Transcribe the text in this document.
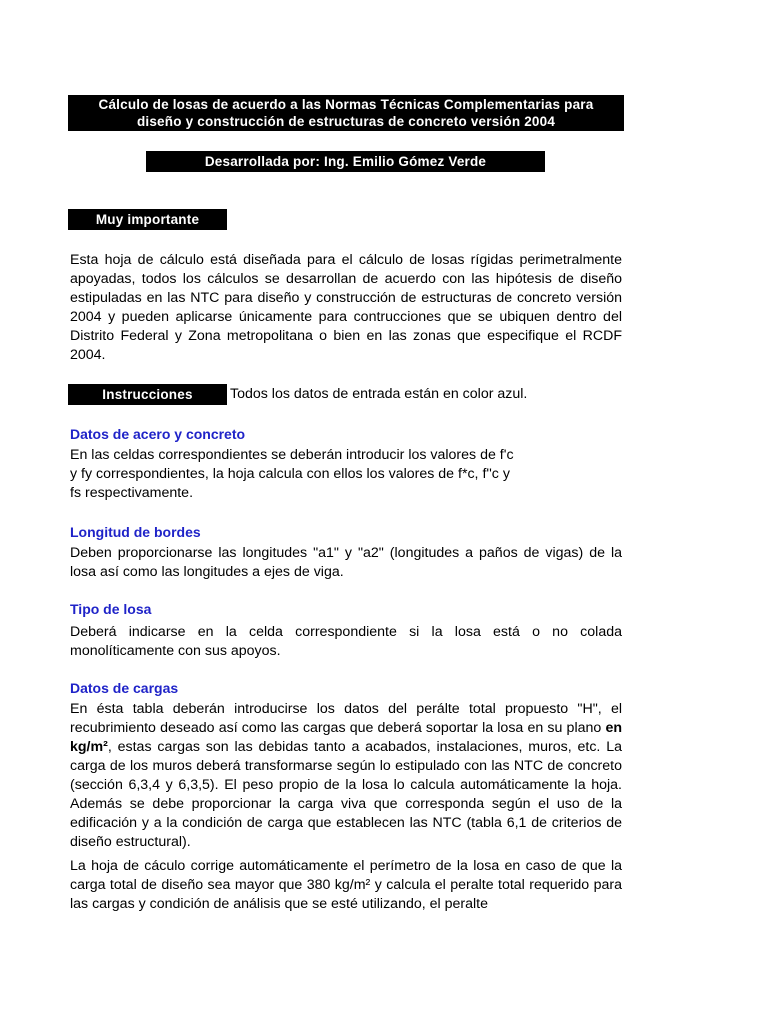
Cálculo de losas de acuerdo a las Normas Técnicas Complementarias para
diseño y construcción de estructuras de concreto versión 2004
Desarrollada por: Ing. Emilio Gómez Verde
Muy importante
Esta hoja de cálculo está diseñada para el cálculo de losas rígidas perimetralmente apoyadas, todos los cálculos se desarrollan de acuerdo con las hipótesis de diseño estipuladas en las NTC para diseño y construcción de estructuras de concreto versión 2004 y pueden aplicarse únicamente para contrucciones que se ubiquen dentro del Distrito Federal y Zona metropolitana o bien en las zonas que especifique el RCDF 2004.
Instrucciones	Todos los datos de entrada están en color azul.
Datos de acero y concreto
En las celdas correspondientes se deberán introducir los valores de f'c
y fy correspondientes, la hoja calcula con ellos los valores de f*c, f''c y
fs respectivamente.
Longitud de bordes
Deben proporcionarse las longitudes "a1" y "a2" (longitudes a paños de vigas) de la losa así como las longitudes a ejes de viga.
Tipo de losa
Deberá indicarse en la celda correspondiente si la losa está o no colada monolíticamente con sus apoyos.
Datos de cargas
En ésta tabla deberán introducirse los datos del perálte total propuesto "H", el recubrimiento deseado así como las cargas que deberá soportar la losa en su plano en kg/m², estas cargas son las debidas tanto a acabados, instalaciones, muros, etc. La carga de los muros deberá transformarse según lo estipulado con las NTC de concreto (sección 6,3,4 y 6,3,5). El peso propio de la losa lo calcula automáticamente la hoja. Además se debe proporcionar la carga viva que corresponda según el uso de la edificación y a la condición de carga que establecen las NTC (tabla 6,1 de criterios de diseño estructural).
La hoja de cáculo corrige automáticamente el perímetro de la losa en caso de que la carga total de diseño sea mayor que 380 kg/m² y calcula el peralte total requerido para las cargas y condición de análisis que se esté utilizando, el peralte
